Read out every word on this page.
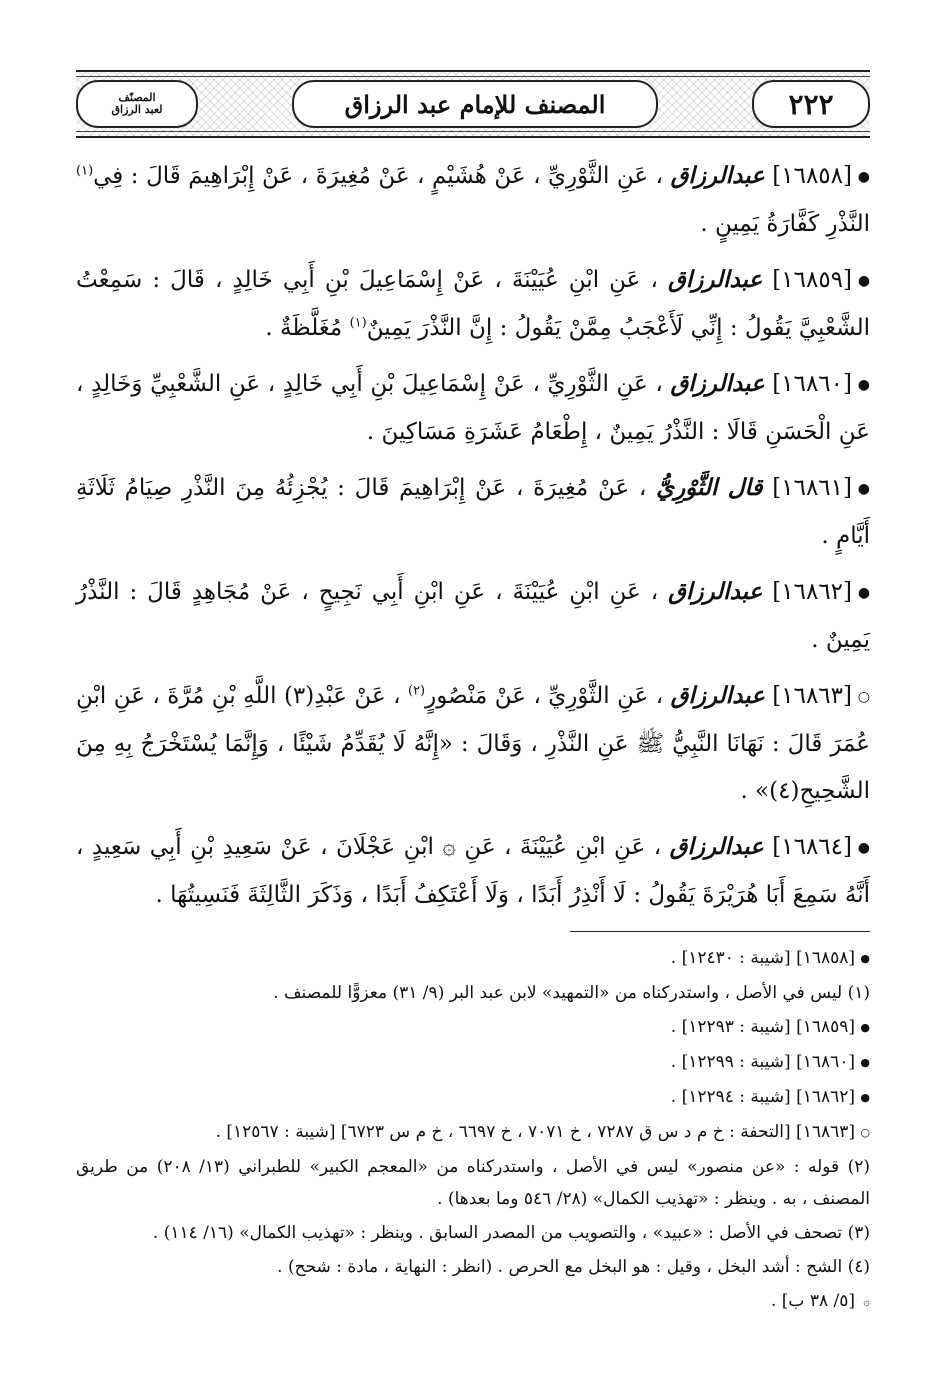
٢٢٢
المصنف للإمام عبد الرزاق
المصنّف
لعبد الرزاق

●[١٦٨٥٨] عبدالرزاق ، عَنِ الثَّوْرِيِّ ، عَنْ هُشَيْمٍ ، عَنْ مُغِيرَةَ ، عَنْ إِبْرَاهِيمَ قَالَ : فِي$^{(١)}$ النَّذْرِ كَفَّارَةُ يَمِينٍ .

●[١٦٨٥٩] عبدالرزاق ، عَنِ ابْنِ عُيَيْنَةَ ، عَنْ إِسْمَاعِيلَ بْنِ أَبِي خَالِدٍ ، قَالَ : سَمِعْتُ الشَّعْبِيَّ يَقُولُ : إِنِّي لَأَعْجَبُ مِمَّنْ يَقُولُ : إِنَّ النَّذْرَ يَمِينٌ$^{(١)}$ مُغَلَّظَةٌ .

●[١٦٨٦٠] عبدالرزاق ، عَنِ الثَّوْرِيِّ ، عَنْ إِسْمَاعِيلَ بْنِ أَبِي خَالِدٍ ، عَنِ الشَّعْبِيِّ وَخَالِدٍ ، عَنِ الْحَسَنِ قَالَا : النَّذْرُ يَمِينٌ ، إِطْعَامُ عَشَرَةِ مَسَاكِينَ .

●[١٦٨٦١] قال الثَّوْرِيُّ ، عَنْ مُغِيرَةَ ، عَنْ إِبْرَاهِيمَ قَالَ : يُجْزِئُهُ مِنَ النَّذْرِ صِيَامُ ثَلَاثَةِ أَيَّامٍ .

●[١٦٨٦٢] عبدالرزاق ، عَنِ ابْنِ عُيَيْنَةَ ، عَنِ ابْنِ أَبِي نَجِيحٍ ، عَنْ مُجَاهِدٍ قَالَ : النَّذْرُ يَمِينٌ .

○[١٦٨٦٣] عبدالرزاق ، عَنِ الثَّوْرِيِّ ، عَنْ مَنْصُورٍ$^{(٢)}$ ، عَنْ عَبْدِ(٣) اللَّهِ بْنِ مُرَّةَ ، عَنِ ابْنِ عُمَرَ قَالَ : نَهَانَا النَّبِيُّ ﷺ عَنِ النَّذْرِ ، وَقَالَ : «إِنَّهُ لَا يُقَدِّمُ شَيْئًا ، وَإِنَّمَا يُسْتَخْرَجُ بِهِ مِنَ الشَّحِيحِ(٤)» .

●[١٦٨٦٤] عبدالرزاق ، عَنِ ابْنِ عُيَيْنَةَ ، عَنِ ۞ ابْنِ عَجْلَانَ ، عَنْ سَعِيدِ بْنِ أَبِي سَعِيدٍ ، أَنَّهُ سَمِعَ أَبَا هُرَيْرَةَ يَقُولُ : لَا أَنْذِرُ أَبَدًا ، وَلَا أَعْتَكِفُ أَبَدًا ، وَذَكَرَ الثَّالِثَةَ فَنَسِيتُهَا .

●[١٦٨٥٨] [شيبة : ١٢٤٣٠] .

(١) ليس في الأصل ، واستدركناه من «التمهيد» لابن عبد البر (٩/ ٣١) معزوًّا للمصنف .

●[١٦٨٥٩] [شيبة : ١٢٢٩٣] .

●[١٦٨٦٠] [شيبة : ١٢٢٩٩] .

●[١٦٨٦٢] [شيبة : ١٢٢٩٤] .

○[١٦٨٦٣] [التحفة : خ م د س ق ٧٢٨٧ ، خ ٧٠٧١ ، خ ٦٦٩٧ ، خ م س ٦٧٢٣] [شيبة : ١٢٥٦٧] .

(٢) قوله : «عن منصور» ليس في الأصل ، واستدركناه من «المعجم الكبير» للطبراني (١٣/ ٢٠٨) من طريق المصنف ، به . وينظر : «تهذيب الكمال» (٢٨/ ٥٤٦ وما بعدها) .

(٣) تصحف في الأصل : «عبيد» ، والتصويب من المصدر السابق . وينظر : «تهذيب الكمال» (١٦/ ١١٤) .

(٤) الشح : أشد البخل ، وقيل : هو البخل مع الحرص . (انظر : النهاية ، مادة : شحح) .

۞[٥/ ٣٨ ب] .
